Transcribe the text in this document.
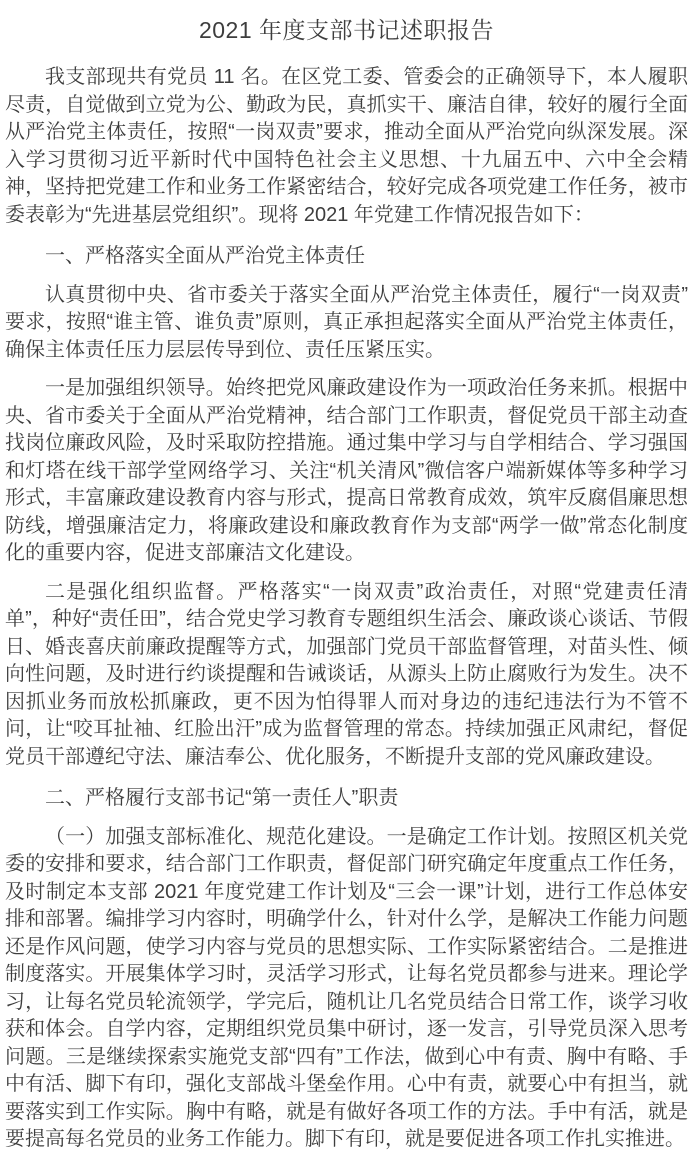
2021 年度支部书记述职报告

我支部现共有党员 11 名。在区党工委、管委会的正确领导下，本人履职尽责，自觉做到立党为公、勤政为民，真抓实干、廉洁自律，较好的履行全面从严治党主体责任，按照“一岗双责”要求，推动全面从严治党向纵深发展。深入学习贯彻习近平新时代中国特色社会主义思想、十九届五中、六中全会精神，坚持把党建工作和业务工作紧密结合，较好完成各项党建工作任务，被市委表彰为“先进基层党组织”。现将 2021 年党建工作情况报告如下：

一、严格落实全面从严治党主体责任

认真贯彻中央、省市委关于落实全面从严治党主体责任，履行“一岗双责”要求，按照“谁主管、谁负责”原则，真正承担起落实全面从严治党主体责任，确保主体责任压力层层传导到位、责任压紧压实。

一是加强组织领导。始终把党风廉政建设作为一项政治任务来抓。根据中央、省市委关于全面从严治党精神，结合部门工作职责，督促党员干部主动查找岗位廉政风险，及时采取防控措施。通过集中学习与自学相结合、学习强国和灯塔在线干部学堂网络学习、关注“机关清风”微信客户端新媒体等多种学习形式，丰富廉政建设教育内容与形式，提高日常教育成效，筑牢反腐倡廉思想防线，增强廉洁定力，将廉政建设和廉政教育作为支部“两学一做”常态化制度化的重要内容，促进支部廉洁文化建设。

二是强化组织监督。严格落实“一岗双责”政治责任，对照“党建责任清单”，种好“责任田”，结合党史学习教育专题组织生活会、廉政谈心谈话、节假日、婚丧喜庆前廉政提醒等方式，加强部门党员干部监督管理，对苗头性、倾向性问题，及时进行约谈提醒和告诫谈话，从源头上防止腐败行为发生。决不因抓业务而放松抓廉政，更不因为怕得罪人而对身边的违纪违法行为不管不问，让“咬耳扯袖、红脸出汗”成为监督管理的常态。持续加强正风肃纪，督促党员干部遵纪守法、廉洁奉公、优化服务，不断提升支部的党风廉政建设。

二、严格履行支部书记“第一责任人”职责

（一）加强支部标准化、规范化建设。一是确定工作计划。按照区机关党委的安排和要求，结合部门工作职责，督促部门研究确定年度重点工作任务，及时制定本支部 2021 年度党建工作计划及“三会一课”计划，进行工作总体安排和部署。编排学习内容时，明确学什么，针对什么学，是解决工作能力问题还是作风问题，使学习内容与党员的思想实际、工作实际紧密结合。二是推进制度落实。开展集体学习时，灵活学习形式，让每名党员都参与进来。理论学习，让每名党员轮流领学，学完后，随机让几名党员结合日常工作，谈学习收获和体会。自学内容，定期组织党员集中研讨，逐一发言，引导党员深入思考问题。三是继续探索实施党支部“四有”工作法，做到心中有责、胸中有略、手中有活、脚下有印，强化支部战斗堡垒作用。心中有责，就要心中有担当，就要落实到工作实际。胸中有略，就是有做好各项工作的方法。手中有活，就是要提高每名党员的业务工作能力。脚下有印，就是要促进各项工作扎实推进。
